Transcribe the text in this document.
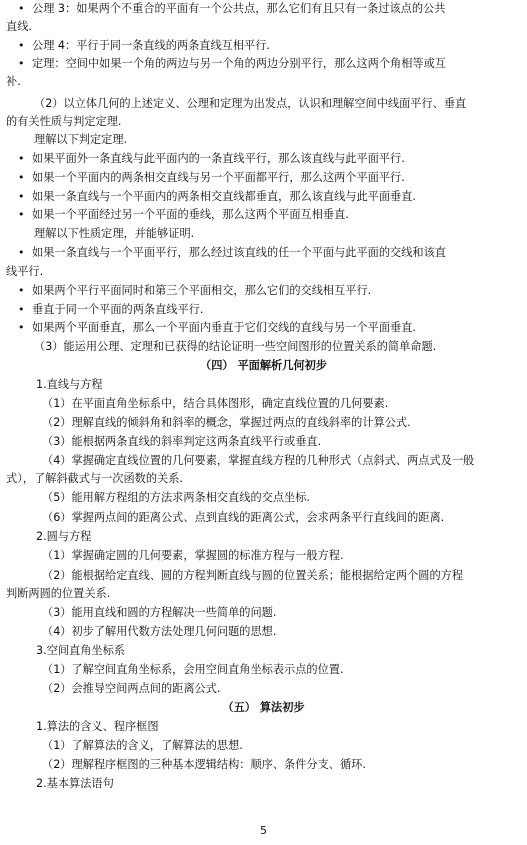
• 公理 3：如果两个不重合的平面有一个公共点，那么它们有且只有一条过该点的公共
直线.
• 公理 4：平行于同一条直线的两条直线互相平行.
• 定理：空间中如果一个角的两边与另一个角的两边分别平行，那么这两个角相等或互
补.
（2）以立体几何的上述定义、公理和定理为出发点，认识和理解空间中线面平行、垂直
的有关性质与判定定理.
理解以下判定定理.
• 如果平面外一条直线与此平面内的一条直线平行，那么该直线与此平面平行.
• 如果一个平面内的两条相交直线与另一个平面都平行，那么这两个平面平行.
• 如果一条直线与一个平面内的两条相交直线都垂直，那么该直线与此平面垂直.
• 如果一个平面经过另一个平面的垂线，那么这两个平面互相垂直.
理解以下性质定理，并能够证明.
• 如果一条直线与一个平面平行，那么经过该直线的任一个平面与此平面的交线和该直
线平行.
• 如果两个平行平面同时和第三个平面相交，那么它们的交线相互平行.
• 垂直于同一个平面的两条直线平行.
• 如果两个平面垂直，那么一个平面内垂直于它们交线的直线与另一个平面垂直.
（3）能运用公理、定理和已获得的结论证明一些空间图形的位置关系的简单命题.
（四） 平面解析几何初步
1.直线与方程
（1）在平面直角坐标系中，结合具体图形，确定直线位置的几何要素.
（2）理解直线的倾斜角和斜率的概念，掌握过两点的直线斜率的计算公式.
（3）能根据两条直线的斜率判定这两条直线平行或垂直.
（4）掌握确定直线位置的几何要素，掌握直线方程的几种形式（点斜式、两点式及一般
式），了解斜截式与一次函数的关系.
（5）能用解方程组的方法求两条相交直线的交点坐标.
（6）掌握两点间的距离公式、点到直线的距离公式，会求两条平行直线间的距离.
2.圆与方程
（1）掌握确定圆的几何要素，掌握圆的标准方程与一般方程.
（2）能根据给定直线、圆的方程判断直线与圆的位置关系；能根据给定两个圆的方程
判断两圆的位置关系.
（3）能用直线和圆的方程解决一些简单的问题.
（4）初步了解用代数方法处理几何问题的思想.
3.空间直角坐标系
（1）了解空间直角坐标系，会用空间直角坐标表示点的位置.
（2）会推导空间两点间的距离公式.
（五） 算法初步
1.算法的含义、程序框图
（1）了解算法的含义，了解算法的思想.
（2）理解程序框图的三种基本逻辑结构：顺序、条件分支、循环.
2.基本算法语句
5
